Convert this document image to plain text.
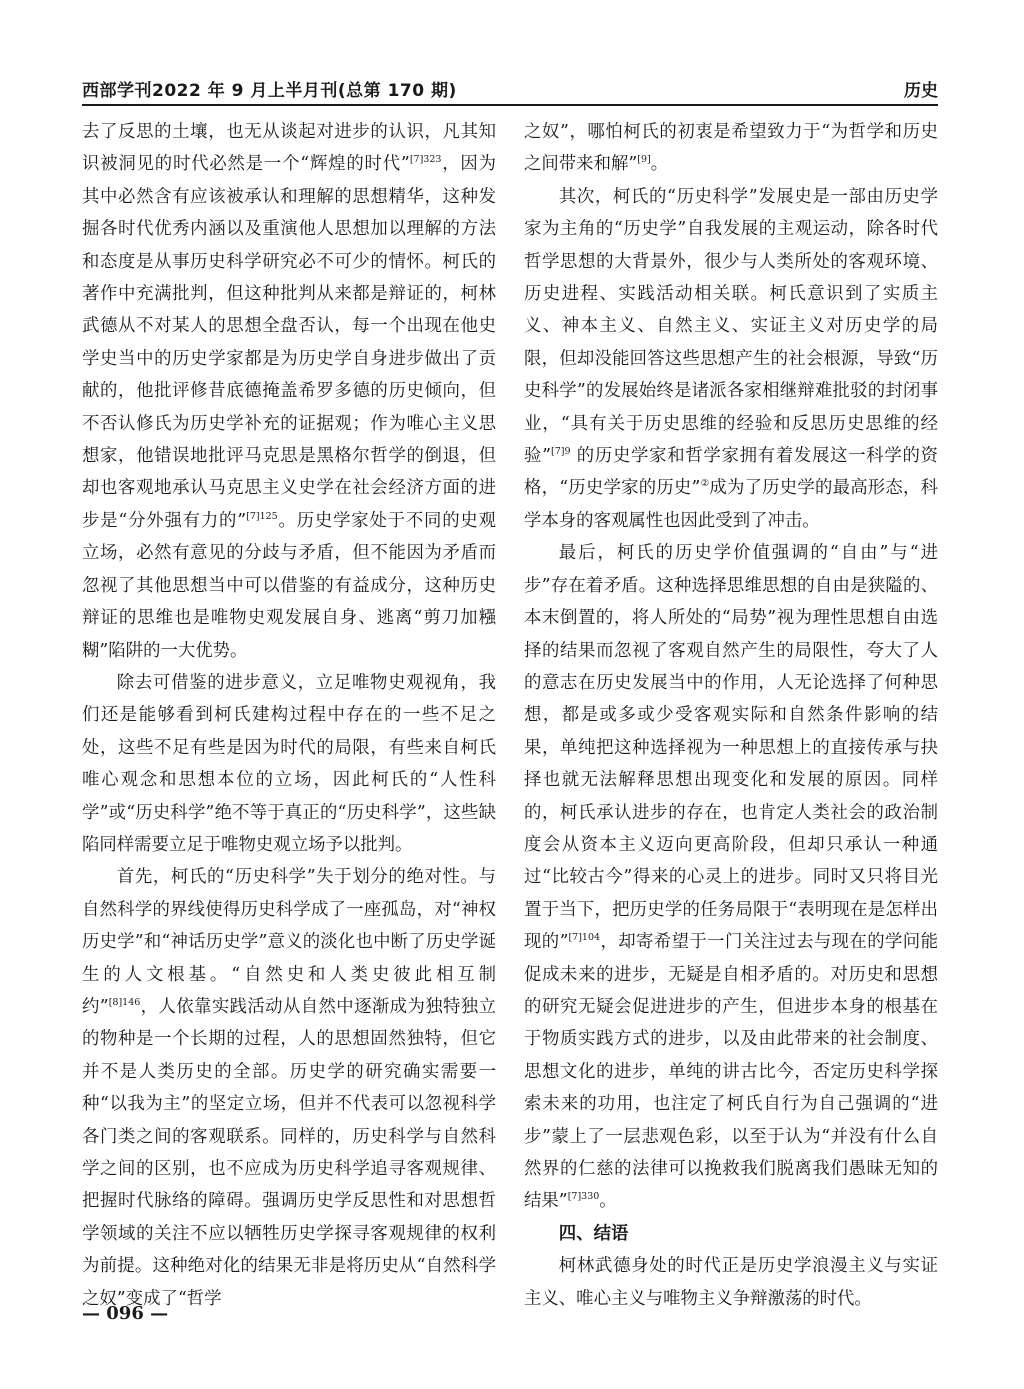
西部学刊2022 年 9 月上半月刊(总第 170 期)	历史

去了反思的土壤，也无从谈起对进步的认识，凡其知识被洞见的时代必然是一个“辉煌的时代”$^{[7]323}$，因为其中必然含有应该被承认和理解的思想精华，这种发掘各时代优秀内涵以及重演他人思想加以理解的方法和态度是从事历史科学研究必不可少的情怀。柯氏的著作中充满批判，但这种批判从来都是辩证的，柯林武德从不对某人的思想全盘否认，每一个出现在他史学史当中的历史学家都是为历史学自身进步做出了贡献的，他批评修昔底德掩盖希罗多德的历史倾向，但不否认修氏为历史学补充的证据观；作为唯心主义思想家，他错误地批评马克思是黑格尔哲学的倒退，但却也客观地承认马克思主义史学在社会经济方面的进步是“分外强有力的”$^{[7]125}$。历史学家处于不同的史观立场，必然有意见的分歧与矛盾，但不能因为矛盾而忽视了其他思想当中可以借鉴的有益成分，这种历史辩证的思维也是唯物史观发展自身、逃离“剪刀加糨糊”陷阱的一大优势。

除去可借鉴的进步意义，立足唯物史观视角，我们还是能够看到柯氏建构过程中存在的一些不足之处，这些不足有些是因为时代的局限，有些来自柯氏唯心观念和思想本位的立场，因此柯氏的“人性科学”或“历史科学”绝不等于真正的“历史科学”，这些缺陷同样需要立足于唯物史观立场予以批判。

首先，柯氏的“历史科学”失于划分的绝对性。与自然科学的界线使得历史科学成了一座孤岛，对“神权历史学”和“神话历史学”意义的淡化也中断了历史学诞生的人文根基。“自然史和人类史彼此相互制约”$^{[8]146}$，人依靠实践活动从自然中逐渐成为独特独立的物种是一个长期的过程，人的思想固然独特，但它并不是人类历史的全部。历史学的研究确实需要一种“以我为主”的坚定立场，但并不代表可以忽视科学各门类之间的客观联系。同样的，历史科学与自然科学之间的区别，也不应成为历史科学追寻客观规律、把握时代脉络的障碍。强调历史学反思性和对思想哲学领域的关注不应以牺牲历史学探寻客观规律的权利为前提。这种绝对化的结果无非是将历史从“自然科学之奴”变成了“哲学

之奴”，哪怕柯氏的初衷是希望致力于“为哲学和历史之间带来和解”[9]。

其次，柯氏的“历史科学”发展史是一部由历史学家为主角的“历史学”自我发展的主观运动，除各时代哲学思想的大背景外，很少与人类所处的客观环境、历史进程、实践活动相关联。柯氏意识到了实质主义、神本主义、自然主义、实证主义对历史学的局限，但却没能回答这些思想产生的社会根源，导致“历史科学”的发展始终是诸派各家相继辩难批驳的封闭事业，“具有关于历史思维的经验和反思历史思维的经验”$^{[7]9}$ 的历史学家和哲学家拥有着发展这一科学的资格，“历史学家的历史”②成为了历史学的最高形态，科学本身的客观属性也因此受到了冲击。

最后，柯氏的历史学价值强调的“自由”与“进步”存在着矛盾。这种选择思维思想的自由是狭隘的、本末倒置的，将人所处的“局势”视为理性思想自由选择的结果而忽视了客观自然产生的局限性，夸大了人的意志在历史发展当中的作用，人无论选择了何种思想，都是或多或少受客观实际和自然条件影响的结果，单纯把这种选择视为一种思想上的直接传承与抉择也就无法解释思想出现变化和发展的原因。同样的，柯氏承认进步的存在，也肯定人类社会的政治制度会从资本主义迈向更高阶段，但却只承认一种通过“比较古今”得来的心灵上的进步。同时又只将目光置于当下，把历史学的任务局限于“表明现在是怎样出现的”$^{[7]104}$，却寄希望于一门关注过去与现在的学问能促成未来的进步，无疑是自相矛盾的。对历史和思想的研究无疑会促进进步的产生，但进步本身的根基在于物质实践方式的进步，以及由此带来的社会制度、思想文化的进步，单纯的讲古比今，否定历史科学探索未来的功用，也注定了柯氏自行为自己强调的“进步”蒙上了一层悲观色彩，以至于认为“并没有什么自然界的仁慈的法律可以挽救我们脱离我们愚昧无知的结果”$^{[7]330}$。

四、结语

柯林武德身处的时代正是历史学浪漫主义与实证主义、唯心主义与唯物主义争辩激荡的时代。

— 096 —
